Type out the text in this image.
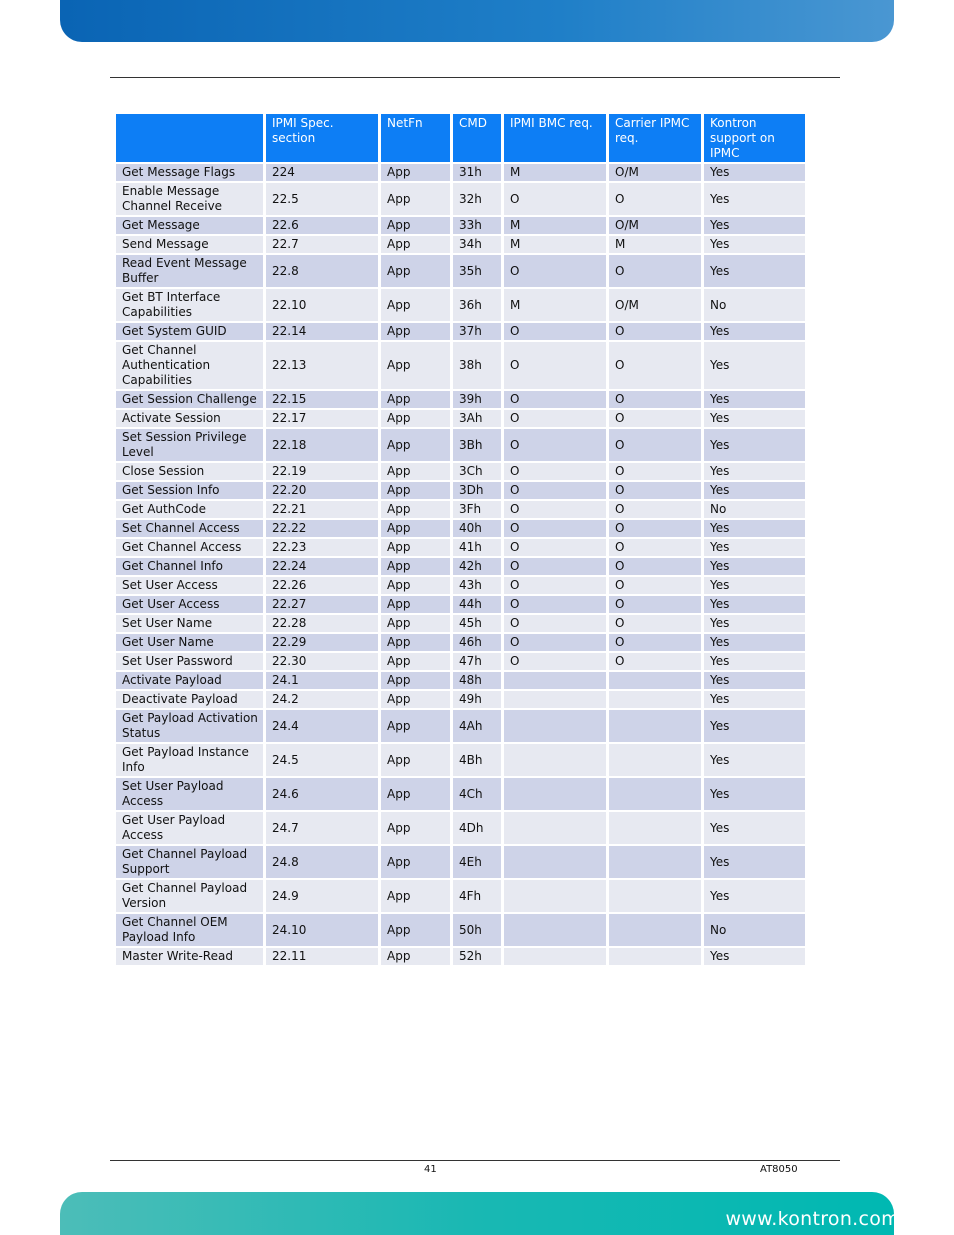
	IPMI Spec. section	NetFn	CMD	IPMI BMC req.	Carrier IPMC req.	Kontron support on IPMC
Get Message Flags	224	App	31h	M	O/M	Yes
Enable Message Channel Receive	22.5	App	32h	O	O	Yes
Get Message	22.6	App	33h	M	O/M	Yes
Send Message	22.7	App	34h	M	M	Yes
Read Event Message Buffer	22.8	App	35h	O	O	Yes
Get BT Interface Capabilities	22.10	App	36h	M	O/M	No
Get System GUID	22.14	App	37h	O	O	Yes
Get Channel Authentication Capabilities	22.13	App	38h	O	O	Yes
Get Session Challenge	22.15	App	39h	O	O	Yes
Activate Session	22.17	App	3Ah	O	O	Yes
Set Session Privilege Level	22.18	App	3Bh	O	O	Yes
Close Session	22.19	App	3Ch	O	O	Yes
Get Session Info	22.20	App	3Dh	O	O	Yes
Get AuthCode	22.21	App	3Fh	O	O	No
Set Channel Access	22.22	App	40h	O	O	Yes
Get Channel Access	22.23	App	41h	O	O	Yes
Get Channel Info	22.24	App	42h	O	O	Yes
Set User Access	22.26	App	43h	O	O	Yes
Get User Access	22.27	App	44h	O	O	Yes
Set User Name	22.28	App	45h	O	O	Yes
Get User Name	22.29	App	46h	O	O	Yes
Set User Password	22.30	App	47h	O	O	Yes
Activate Payload	24.1	App	48h			Yes
Deactivate Payload	24.2	App	49h			Yes
Get Payload Activation Status	24.4	App	4Ah			Yes
Get Payload Instance Info	24.5	App	4Bh			Yes
Set User Payload Access	24.6	App	4Ch			Yes
Get User Payload Access	24.7	App	4Dh			Yes
Get Channel Payload Support	24.8	App	4Eh			Yes
Get Channel Payload Version	24.9	App	4Fh			Yes
Get Channel OEM Payload Info	24.10	App	50h			No
Master Write-Read	22.11	App	52h			Yes
41	AT8050
www.kontron.com
